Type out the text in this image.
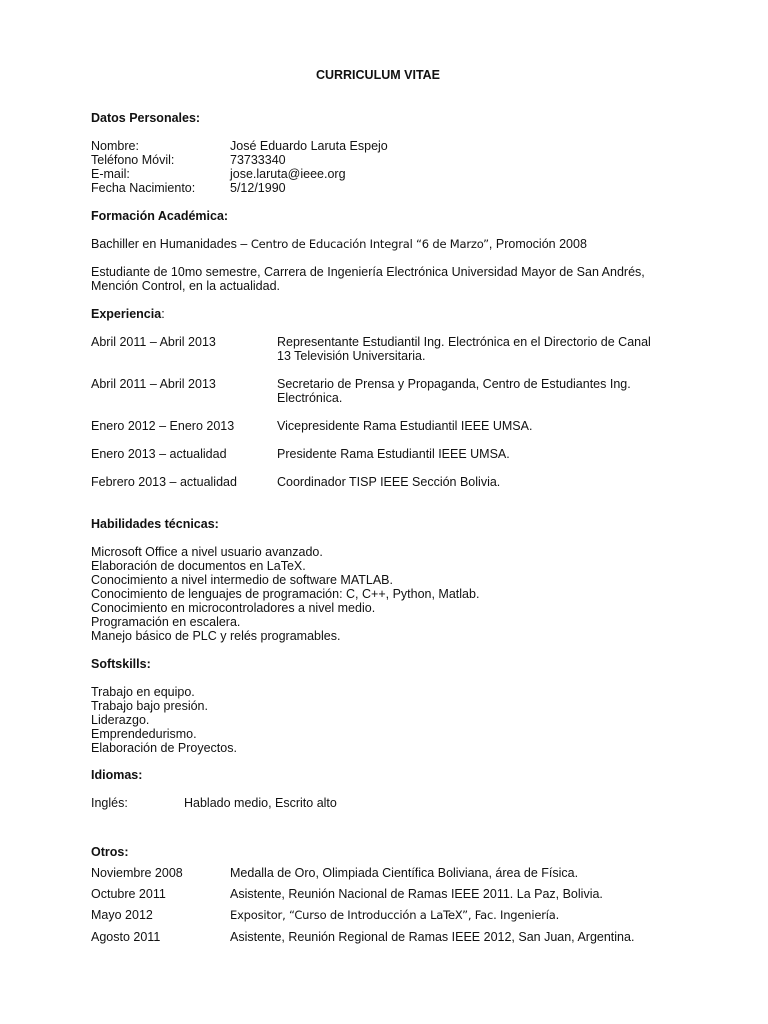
CURRICULUM VITAE
Datos Personales:
Nombre:	José Eduardo Laruta Espejo
Teléfono Móvil:	73733340
E-mail:	jose.laruta@ieee.org
Fecha Nacimiento:	5/12/1990
Formación Académica:
Bachiller en Humanidades – Centro de Educación Integral “6 de Marzo”, Promoción 2008
Estudiante de 10mo semestre, Carrera de Ingeniería Electrónica Universidad Mayor de San Andrés,
Mención Control, en la actualidad.
Experiencia:
Abril 2011 – Abril 2013	Representante Estudiantil Ing. Electrónica en el Directorio de Canal 13 Televisión Universitaria.
Abril 2011 – Abril 2013	Secretario de Prensa y Propaganda, Centro de Estudiantes Ing. Electrónica.
Enero 2012 – Enero 2013	Vicepresidente Rama Estudiantil IEEE UMSA.
Enero 2013 – actualidad	Presidente Rama Estudiantil IEEE UMSA.
Febrero 2013 – actualidad	Coordinador TISP IEEE Sección Bolivia.
Habilidades técnicas:
Microsoft Office a nivel usuario avanzado.
Elaboración de documentos en LaTeX.
Conocimiento a nivel intermedio de software MATLAB.
Conocimiento de lenguajes de programación: C, C++, Python, Matlab.
Conocimiento en microcontroladores a nivel medio.
Programación en escalera.
Manejo básico de PLC y relés programables.
Softskills:
Trabajo en equipo.
Trabajo bajo presión.
Liderazgo.
Emprendedurismo.
Elaboración de Proyectos.
Idiomas:
Inglés:	Hablado medio, Escrito alto
Otros:
Noviembre 2008	Medalla de Oro, Olimpiada Científica Boliviana, área de Física.
Octubre 2011	Asistente, Reunión Nacional de Ramas IEEE 2011. La Paz, Bolivia.
Mayo 2012	Expositor, “Curso de Introducción a LaTeX”, Fac. Ingeniería.
Agosto 2011	Asistente, Reunión Regional de Ramas IEEE 2012, San Juan, Argentina.
